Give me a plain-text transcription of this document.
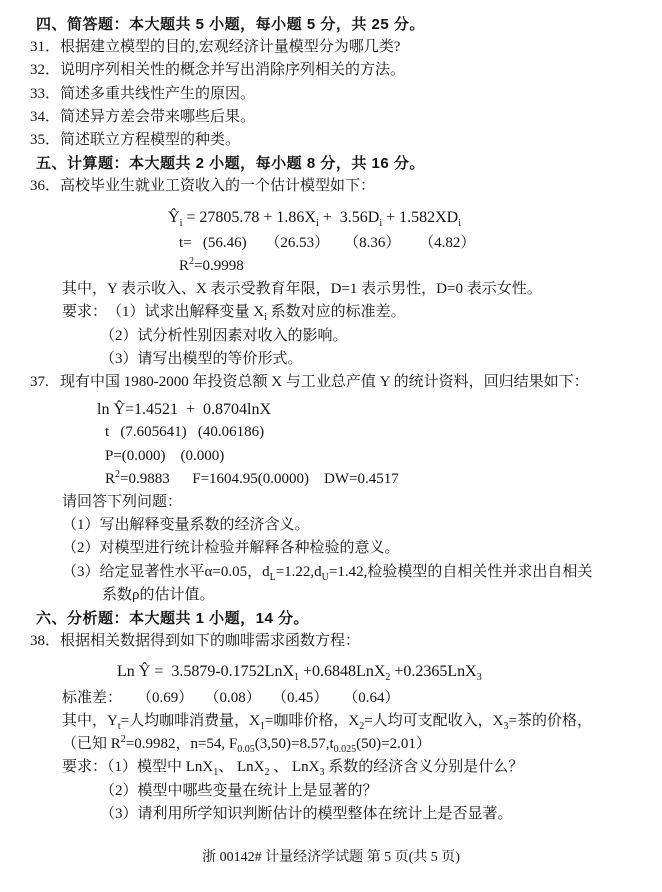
四、简答题：本大题共 5 小题，每小题 5 分，共 25 分。
31． 根据建立模型的目的,宏观经济计量模型分为哪几类?
32． 说明序列相关性的概念并写出消除序列相关的方法。
33． 简述多重共线性产生的原因。
34． 简述异方差会带来哪些后果。
35． 简述联立方程模型的种类。
五、计算题：本大题共 2 小题，每小题 8 分，共 16 分。
36． 高校毕业生就业工资收入的一个估计模型如下：
$Ŷ_i = 27805.78 + 1.86X_i + 3.56D_i + 1.582XD_i$
t=   (56.46)     （26.53）    （8.36）     （4.82）
$R^2=0.9998$
其中，Y 表示收入、X 表示受教育年限，D=1 表示男性，D=0 表示女性。
要求：　（1）试求出解释变量 $X_i$ 系数对应的标准差。
（2）试分析性别因素对收入的影响。
（3）请写出模型的等价形式。
37. 现有中国 1980-2000 年投资总额 X 与工业总产值 Y 的统计资料，回归结果如下：
ln Ŷ=1.4521  +  0.8704lnX
t   (7.605641)   (40.06186)
P=(0.000)    (0.000)
$R^2=0.9883$      F=1604.95(0.0000)    DW=0.4517
请回答下列问题：
（1）写出解释变量系数的经济含义。
（2）对模型进行统计检验并解释各种检验的意义。
（3）给定显著性水平α=0.05，$d_L=1.22,d_U=1.42$,检验模型的自相关性并求出自相关
系数ρ的估计值。
六、分析题：本大题共 1 小题，14 分。
38． 根据相关数据得到如下的咖啡需求函数方程：
Ln Ŷ =  3.5879-0.1752LnX$_1$ +0.6848LnX$_2$ +0.2365LnX$_3$
标准差：　　（0.69）　 （0.08）　 （0.45）　　（0.64）
其中，$Y_t=$人均咖啡消费量，$X_1=$咖啡价格，$X_2=$人均可支配收入，$X_3=$茶的价格，
（已知 $R^2=0.9982$，n=54, $F_{0.05}(3,50)=8.57,t_{0.025}(50)=2.01$）
要求：（1）模型中 LnX$_1$、 LnX$_2$ 、 LnX$_3$ 系数的经济含义分别是什么？
（2）模型中哪些变量在统计上是显著的？
（3）请利用所学知识判断估计的模型整体在统计上是否显著。
浙 00142# 计量经济学试题 第 5 页(共 5 页)
